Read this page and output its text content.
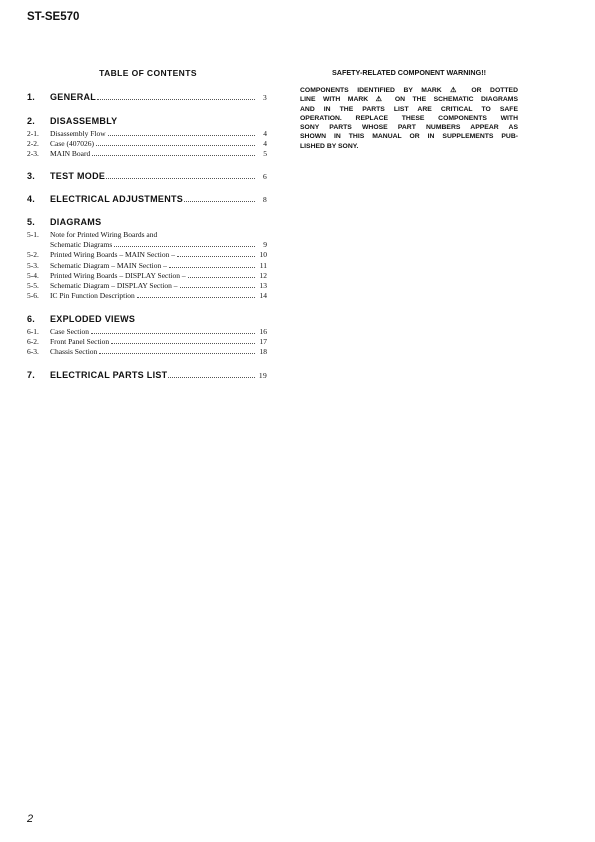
ST-SE570
TABLE OF CONTENTS
1.	GENERAL	3
2.	DISASSEMBLY
2-1.	Disassembly Flow	4
2-2.	Case (407026)	4
2-3.	MAIN Board	5
3.	TEST MODE	6
4.	ELECTRICAL ADJUSTMENTS	8
5.	DIAGRAMS
5-1.	Note for Printed Wiring Boards and
Schematic Diagrams	9
5-2.	Printed Wiring Boards – MAIN Section –	10
5-3.	Schematic Diagram – MAIN Section –	11
5-4.	Printed Wiring Boards – DISPLAY Section –	12
5-5.	Schematic Diagram – DISPLAY Section –	13
5-6.	IC Pin Function Description	14
6.	EXPLODED VIEWS
6-1.	Case Section	16
6-2.	Front Panel Section	17
6-3.	Chassis Section	18
7.	ELECTRICAL PARTS LIST	19
SAFETY-RELATED COMPONENT WARNING!!
COMPONENTS IDENTIFIED BY MARK ⚠ OR DOTTED
LINE WITH MARK ⚠ ON THE SCHEMATIC DIAGRAMS
AND IN THE PARTS LIST ARE CRITICAL TO SAFE
OPERATION. REPLACE THESE COMPONENTS WITH
SONY PARTS WHOSE PART NUMBERS APPEAR AS
SHOWN IN THIS MANUAL OR IN SUPPLEMENTS PUB-
LISHED BY SONY.
2
